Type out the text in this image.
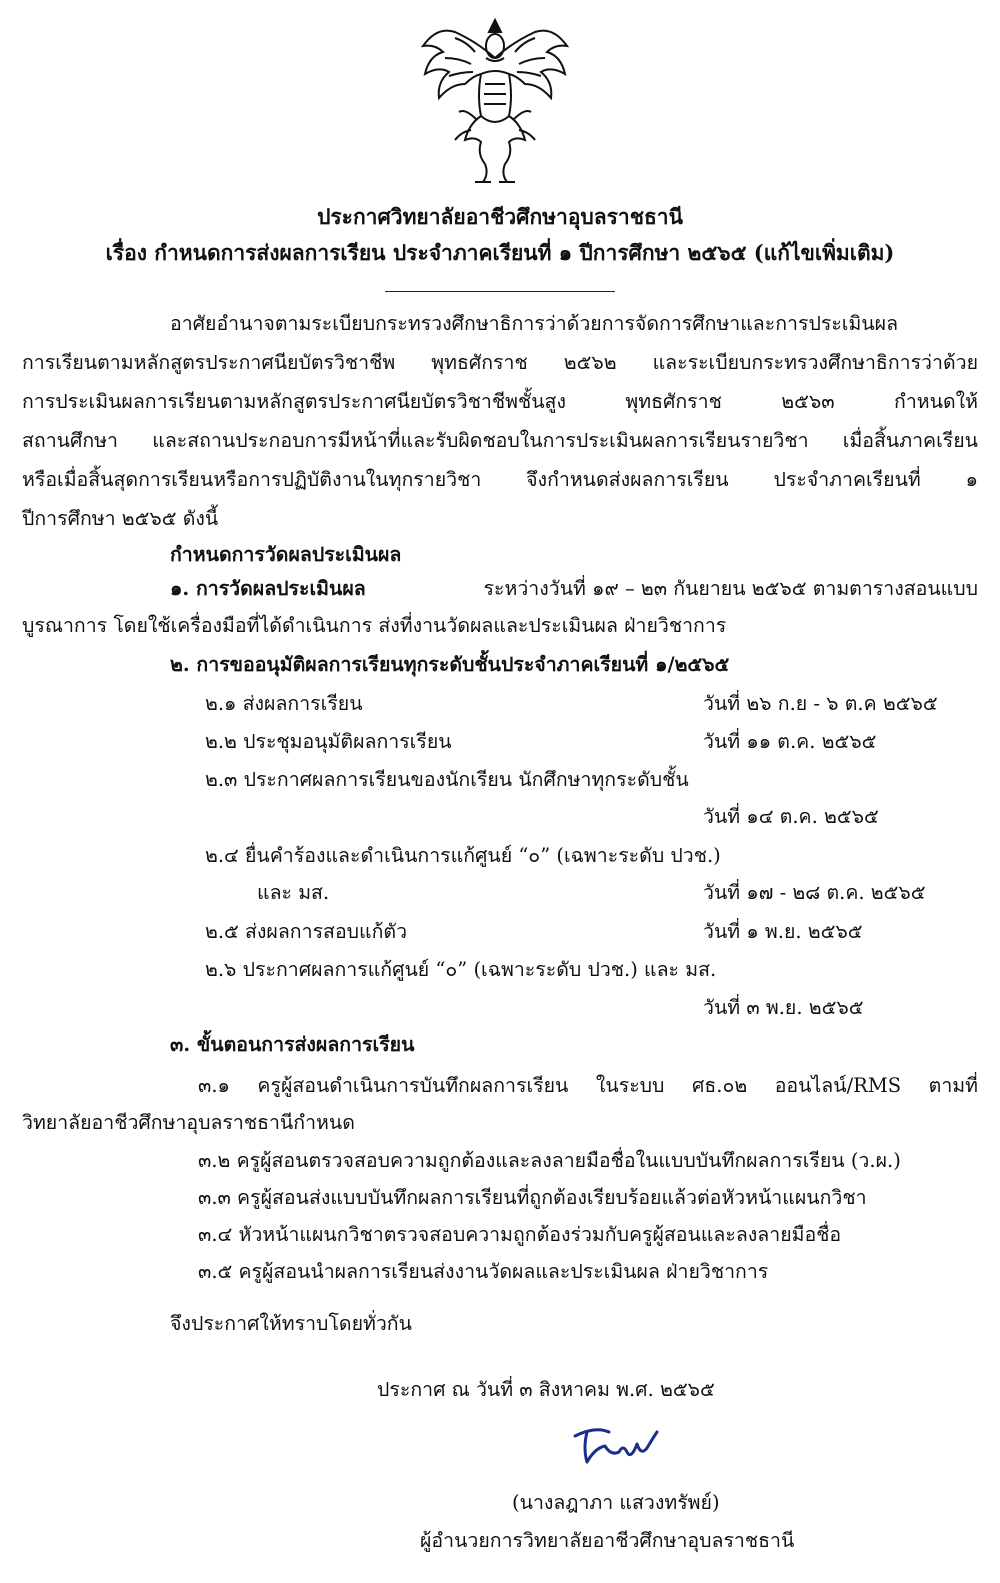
ประกาศวิทยาลัยอาชีวศึกษาอุบลราชธานี
เรื่อง กำหนดการส่งผลการเรียน ประจำภาคเรียนที่ ๑ ปีการศึกษา ๒๕๖๕ (แก้ไขเพิ่มเติม)
อาศัยอำนาจตามระเบียบกระทรวงศึกษาธิการว่าด้วยการจัดการศึกษาและการประเมินผล
การเรียนตามหลักสูตรประกาศนียบัตรวิชาชีพ พุทธศักราช ๒๕๖๒ และระเบียบกระทรวงศึกษาธิการว่าด้วย
การประเมินผลการเรียนตามหลักสูตรประกาศนียบัตรวิชาชีพชั้นสูง พุทธศักราช ๒๕๖๓ กำหนดให้
สถานศึกษา และสถานประกอบการมีหน้าที่และรับผิดชอบในการประเมินผลการเรียนรายวิชา เมื่อสิ้นภาคเรียน
หรือเมื่อสิ้นสุดการเรียนหรือการปฏิบัติงานในทุกรายวิชา จึงกำหนดส่งผลการเรียน ประจำภาคเรียนที่ ๑
ปีการศึกษา ๒๕๖๕ ดังนี้
กำหนดการวัดผลประเมินผล
๑. การวัดผลประเมินผล	ระหว่างวันที่ ๑๙ – ๒๓ กันยายน ๒๕๖๕ ตามตารางสอนแบบ
บูรณาการ โดยใช้เครื่องมือที่ได้ดำเนินการ ส่งที่งานวัดผลและประเมินผล ฝ่ายวิชาการ
๒. การขออนุมัติผลการเรียนทุกระดับชั้นประจำภาคเรียนที่ ๑/๒๕๖๕
๒.๑ ส่งผลการเรียน	วันที่ ๒๖ ก.ย - ๖ ต.ค ๒๕๖๕
๒.๒ ประชุมอนุมัติผลการเรียน	วันที่ ๑๑ ต.ค. ๒๕๖๕
๒.๓ ประกาศผลการเรียนของนักเรียน นักศึกษาทุกระดับชั้น
วันที่ ๑๔ ต.ค. ๒๕๖๕
๒.๔ ยื่นคำร้องและดำเนินการแก้ศูนย์ “๐” (เฉพาะระดับ ปวช.)
และ มส.	วันที่ ๑๗ - ๒๘ ต.ค. ๒๕๖๕
๒.๕ ส่งผลการสอบแก้ตัว	วันที่ ๑ พ.ย. ๒๕๖๕
๒.๖ ประกาศผลการแก้ศูนย์ “๐” (เฉพาะระดับ ปวช.) และ มส.
วันที่ ๓ พ.ย. ๒๕๖๕
๓. ขั้นตอนการส่งผลการเรียน
๓.๑ ครูผู้สอนดำเนินการบันทึกผลการเรียน ในระบบ ศธ.๐๒ ออนไลน์/RMS ตามที่
วิทยาลัยอาชีวศึกษาอุบลราชธานีกำหนด
๓.๒ ครูผู้สอนตรวจสอบความถูกต้องและลงลายมือชื่อในแบบบันทึกผลการเรียน (ว.ผ.)
๓.๓ ครูผู้สอนส่งแบบบันทึกผลการเรียนที่ถูกต้องเรียบร้อยแล้วต่อหัวหน้าแผนกวิชา
๓.๔ หัวหน้าแผนกวิชาตรวจสอบความถูกต้องร่วมกับครูผู้สอนและลงลายมือชื่อ
๓.๕ ครูผู้สอนนำผลการเรียนส่งงานวัดผลและประเมินผล ฝ่ายวิชาการ
จึงประกาศให้ทราบโดยทั่วกัน
ประกาศ ณ วันที่ ๓ สิงหาคม พ.ศ. ๒๕๖๕
(นางลฎาภา แสวงทรัพย์)
ผู้อำนวยการวิทยาลัยอาชีวศึกษาอุบลราชธานี
